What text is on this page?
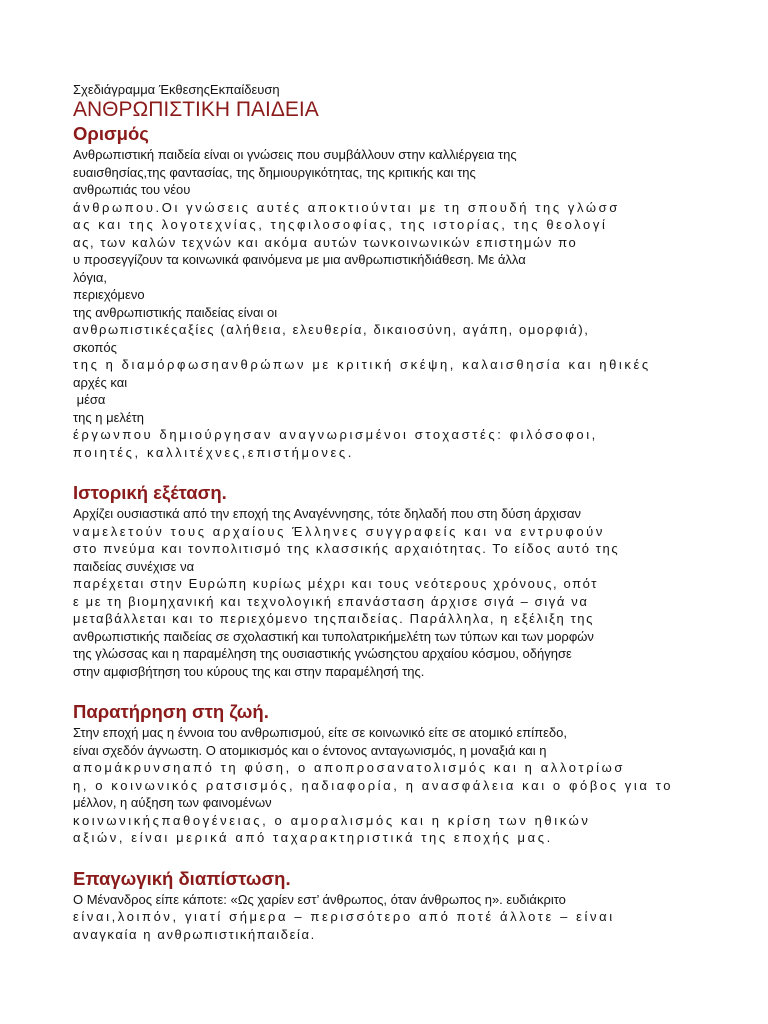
Σχεδιάγραμμα ΈκθεσηςΕκπαίδευση

ΑΝΘΡΩΠΙΣΤΙΚΗ ΠΑΙΔΕΙΑ
Ορισμός
Ανθρωπιστική παιδεία είναι οι γνώσεις που συμβάλλουν στην καλλιέργεια της
ευαισθησίας,της φαντασίας, της δημιουργικότητας, της κριτικής και της
ανθρωπιάς του νέου
άνθρωπου.Οι γνώσεις αυτές αποκτιούνται με τη σπουδή της γλώσσ
ας και της λογοτεχνίας, τηςφιλοσοφίας, της ιστορίας, της θεολογί
ας, των καλών τεχνών και ακόμα αυτών τωνκοινωνικών επιστημών πο
υ προσεγγίζουν τα κοινωνικά φαινόμενα με μια ανθρωπιστικήδιάθεση. Με άλλα
λόγια,
περιεχόμενο
της ανθρωπιστικής παιδείας είναι οι
ανθρωπιστικέςαξίες (αλήθεια, ελευθερία, δικαιοσύνη, αγάπη, ομορφιά),
σκοπός
της η διαμόρφωσηανθρώπων με κριτική σκέψη, καλαισθησία και ηθικές
αρχές και
μέσα
της η μελέτη
έργωνπου δημιούργησαν αναγνωρισμένοι στοχαστές: φιλόσοφοι,
ποιητές, καλλιτέχνες,επιστήμονες.
Ιστορική εξέταση.
Αρχίζει ουσιαστικά από την εποχή της Αναγέννησης, τότε δηλαδή που στη δύση άρχισαν
ναμελετούν τους αρχαίους Έλληνες συγγραφείς και να εντρυφούν
στο πνεύμα και τονπολιτισμό της κλασσικής αρχαιότητας. Το είδος αυτό της
παιδείας συνέχισε να
παρέχεται στην Ευρώπη κυρίως μέχρι και τους νεότερους χρόνους, οπότ
ε με τη βιομηχανική και τεχνολογική επανάσταση άρχισε σιγά – σιγά να
μεταβάλλεται και το περιεχόμενο τηςπαιδείας. Παράλληλα, η εξέλιξη της
ανθρωπιστικής παιδείας σε σχολαστική και τυπολατρικήμελέτη των τύπων και των μορφών
της γλώσσας και η παραμέληση της ουσιαστικής γνώσηςτου αρχαίου κόσμου, οδήγησε
στην αμφισβήτηση του κύρους της και στην παραμέλησή της.
Παρατήρηση στη ζωή.
Στην εποχή μας η έννοια του ανθρωπισμού, είτε σε κοινωνικό είτε σε ατομικό επίπεδο,
είναι σχεδόν άγνωστη. Ο ατομικισμός και ο έντονος ανταγωνισμός, η μοναξιά και η
απομάκρυνσηαπό τη φύση, ο αποπροσανατολισμός και η αλλοτρίωσ
η, ο κοινωνικός ρατσισμός, ηαδιαφορία, η ανασφάλεια και ο φόβος για το
μέλλον, η αύξηση των φαινομένων
κοινωνικήςπαθογένειας, ο αμοραλισμός και η κρίση των ηθικών
αξιών, είναι μερικά από ταχαρακτηριστικά της εποχής μας.
Επαγωγική διαπίστωση.
Ο Μένανδρος είπε κάποτε: «Ως χαρίεν εστ’ άνθρωπος, όταν άνθρωπος η». ευδιάκριτο
είναι,λοιπόν, γιατί σήμερα – περισσότερο από ποτέ άλλοτε – είναι
αναγκαία η ανθρωπιστικήπαιδεία.
